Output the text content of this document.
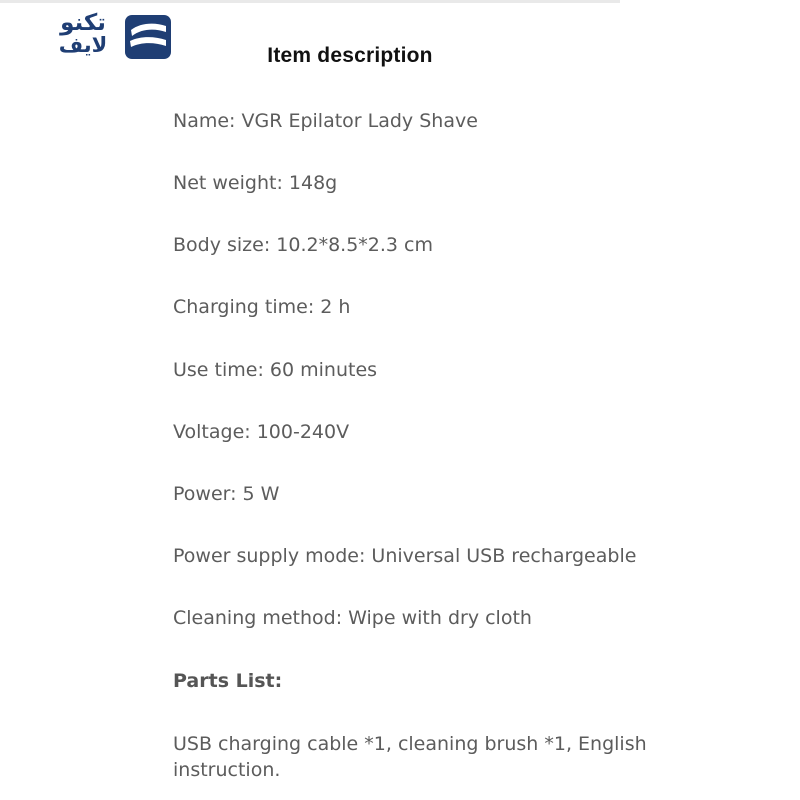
تكنو
لايف	Item description
Name: VGR Epilator Lady Shave
Net weight: 148g
Body size: 10.2*8.5*2.3 cm
Charging time: 2 h
Use time: 60 minutes
Voltage: 100-240V
Power: 5 W
Power supply mode: Universal USB rechargeable
Cleaning method: Wipe with dry cloth
Parts List:
USB charging cable *1, cleaning brush *1, English instruction.
